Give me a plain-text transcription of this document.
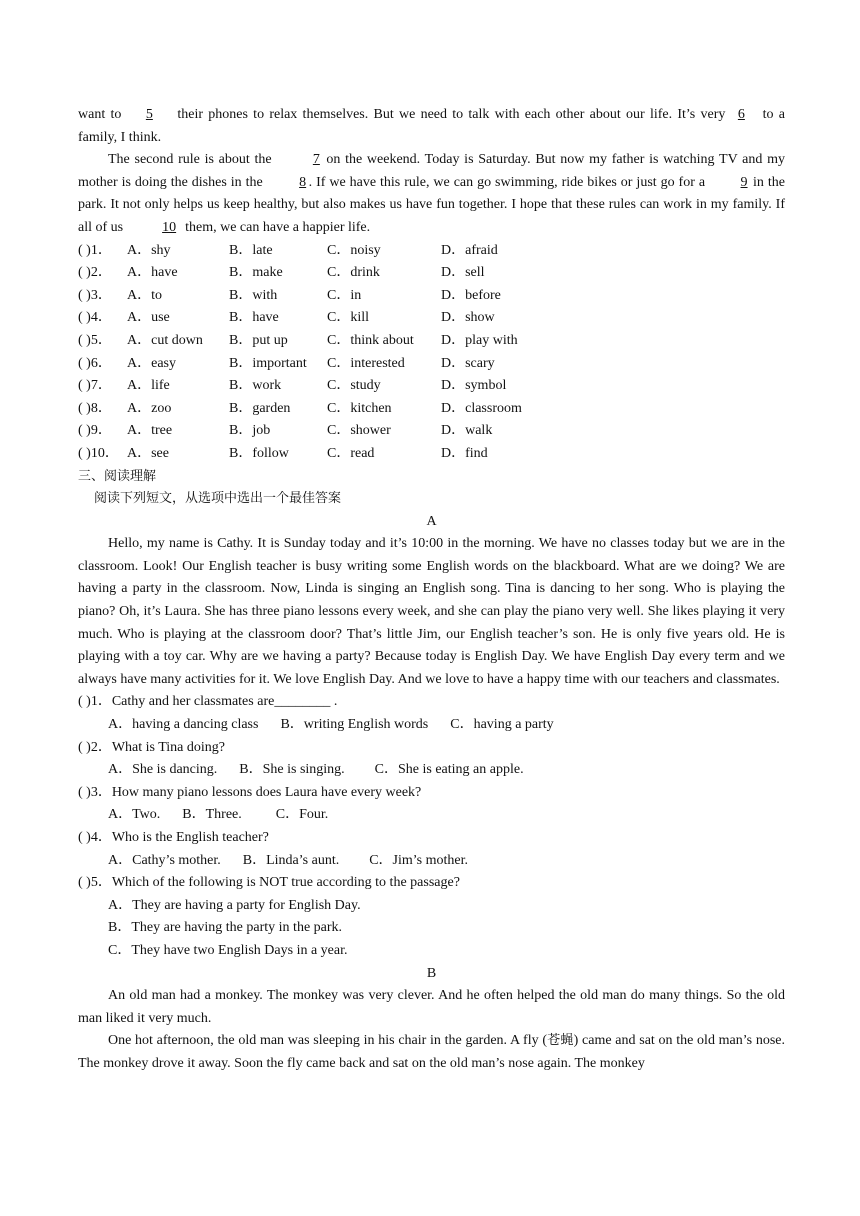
want to 5 their phones to relax themselves. But we need to talk with each other about our life. It’s very 6 to a family, I think.

The second rule is about the	7 on the weekend. Today is Saturday. But now my father is watching TV and my mother is doing the dishes in the	8 . If we have this rule, we can go swimming, ride bikes or just go for a	9 in the park. It not only helps us keep healthy, but also makes us have fun together. I hope that these rules can work in my family. If all of us	10 them, we can have a happier life.

( )1．	A．shy	B．late	C．noisy	D．afraid
( )2．	A．have	B．make	C．drink	D．sell
( )3．	A．to	B．with	C．in	D．before
( )4．	A．use	B．have	C．kill	D．show
( )5．	A．cut down	B．put up	C．think about	D．play with
( )6．	A．easy	B．important	C．interested	D．scary
( )7．	A．life	B．work	C．study	D．symbol
( )8．	A．zoo	B．garden	C．kitchen	D．classroom
( )9．	A．tree	B．job	C．shower	D．walk
( )10． A．see	B．follow	C．read	D．find
三、阅读理解
阅读下列短文，从选项中选出一个最佳答案
A

Hello, my name is Cathy. It is Sunday today and it’s 10:00 in the morning. We have no classes today but we are in the classroom. Look! Our English teacher is busy writing some English words on the blackboard. What are we doing? We are having a party in the classroom. Now, Linda is singing an English song. Tina is dancing to her song. Who is playing the piano? Oh, it’s Laura. She has three piano lessons every week, and she can play the piano very well. She likes playing it very much. Who is playing at the classroom door? That’s little Jim, our English teacher’s son. He is only five years old. He is playing with a toy car. Why are we having a party? Because today is English Day. We have English Day every term and we always have many activities for it. We love English Day. And we love to have a happy time with our teachers and classmates.

( )1．Cathy and her classmates are________ .
A．having a dancing class B．writing English words C．having a party
( )2．What is Tina doing?
A．She is dancing. B．She is singing. C．She is eating an apple.
( )3．How many piano lessons does Laura have every week?
A．Two. B．Three. C．Four.
( )4．Who is the English teacher?
A．Cathy’s mother. B．Linda’s aunt. C．Jim’s mother.
( )5．Which of the following is NOT true according to the passage?
A．They are having a party for English Day.
B．They are having the party in the park.
C．They have two English Days in a year.
B

An old man had a monkey. The monkey was very clever. And he often helped the old man do many things. So the old man liked it very much.

One hot afternoon, the old man was sleeping in his chair in the garden. A fly (苍蝇) came and sat on the old man’s nose. The monkey drove it away. Soon the fly came back and sat on the old man’s nose again. The monkey
